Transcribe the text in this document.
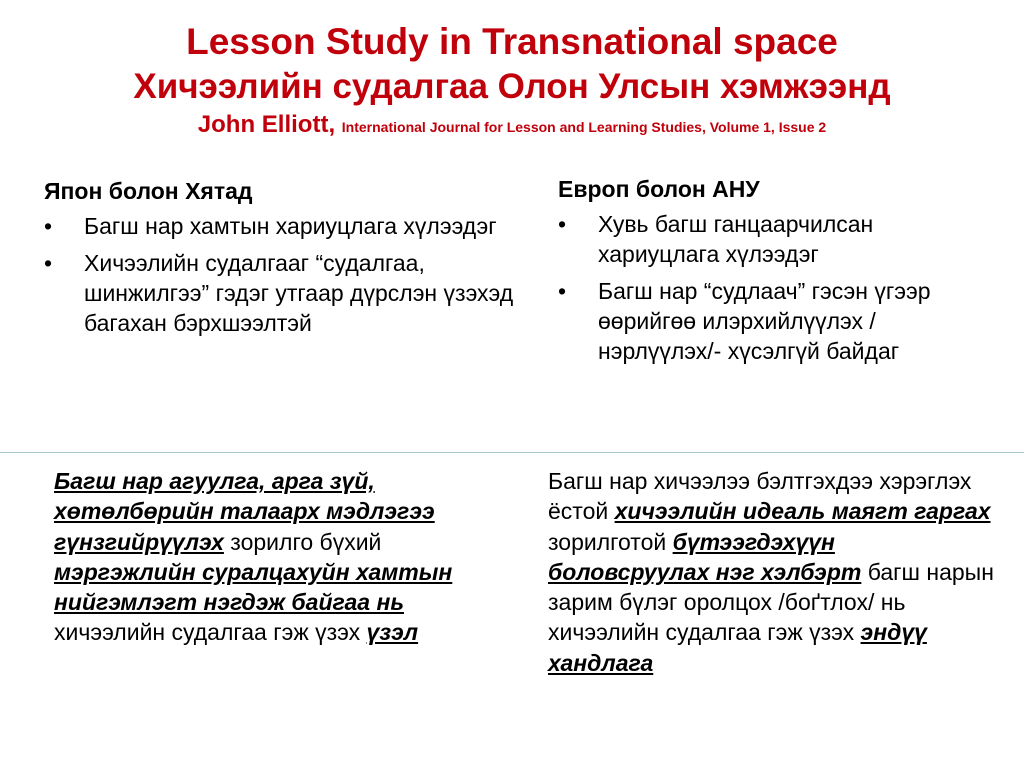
Lesson Study in Transnational space
Хичээлийн судалгаа Олон Улсын хэмжээнд
John Elliott, International Journal for Lesson and Learning Studies, Volume 1, Issue 2
Япон болон Хятад
• Багш нар хамтын хариуцлага хүлээдэг
• Хичээлийн судалгааг “судалгаа, шинжилгээ” гэдэг утгаар дүрслэн үзэхэд багахан бэрхшээлтэй
Европ болон АНУ
• Хувь багш ганцаарчилсан хариуцлага хүлээдэг
• Багш нар “судлаач” гэсэн үгээр өөрийгөө илэрхийлүүлэх /нэрлүүлэх/- хүсэлгүй байдаг
Багш нар агуулга, арга зүй, хөтөлбөрийн талаарх мэдлэгээ гүнзгийрүүлэх зорилго бүхий мэргэжлийн суралцахуйн хамтын нийгэмлэгт нэгдэж байгаа нь хичээлийн судалгаа гэж үзэх үзэл
Багш нар хичээлээ бэлтгэхдээ хэрэглэх ёстой хичээлийн идеаль маягт гаргах зорилготой бүтээгдэхүүн боловсруулах нэг хэлбэрт багш нарын зарим бүлэг оролцох /боґтлох/ нь хичээлийн судалгаа гэж үзэх эндүү хандлага
